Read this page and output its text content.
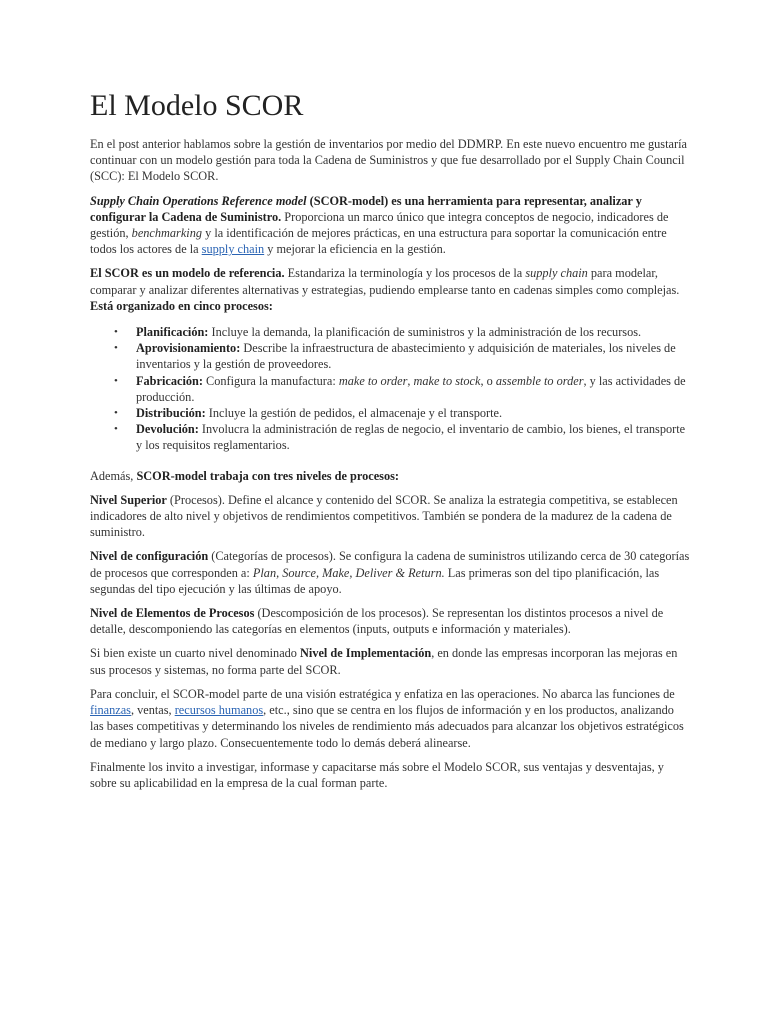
El Modelo SCOR

En el post anterior hablamos sobre la gestión de inventarios por medio del DDMRP. En este nuevo encuentro me gustaría continuar con un modelo gestión para toda la Cadena de Suministros y que fue desarrollado por el Supply Chain Council (SCC): El Modelo SCOR.

Supply Chain Operations Reference model (SCOR-model) es una herramienta para representar, analizar y configurar la Cadena de Suministro. Proporciona un marco único que integra conceptos de negocio, indicadores de gestión, benchmarking y la identificación de mejores prácticas, en una estructura para soportar la comunicación entre todos los actores de la supply chain y mejorar la eficiencia en la gestión.

El SCOR es un modelo de referencia. Estandariza la terminología y los procesos de la supply chain para modelar, comparar y analizar diferentes alternativas y estrategias, pudiendo emplearse tanto en cadenas simples como complejas. Está organizado en cinco procesos:

• Planificación: Incluye la demanda, la planificación de suministros y la administración de los recursos.
• Aprovisionamiento: Describe la infraestructura de abastecimiento y adquisición de materiales, los niveles de inventarios y la gestión de proveedores.
• Fabricación: Configura la manufactura: make to order, make to stock, o assemble to order, y las actividades de producción.
• Distribución: Incluye la gestión de pedidos, el almacenaje y el transporte.
• Devolución: Involucra la administración de reglas de negocio, el inventario de cambio, los bienes, el transporte y los requisitos reglamentarios.

Además, SCOR-model trabaja con tres niveles de procesos:

Nivel Superior (Procesos). Define el alcance y contenido del SCOR. Se analiza la estrategia competitiva, se establecen indicadores de alto nivel y objetivos de rendimientos competitivos. También se pondera de la madurez de la cadena de suministro.

Nivel de configuración (Categorías de procesos). Se configura la cadena de suministros utilizando cerca de 30 categorías de procesos que corresponden a: Plan, Source, Make, Deliver & Return. Las primeras son del tipo planificación, las segundas del tipo ejecución y las últimas de apoyo.

Nivel de Elementos de Procesos (Descomposición de los procesos). Se representan los distintos procesos a nivel de detalle, descomponiendo las categorías en elementos (inputs, outputs e información y materiales).

Si bien existe un cuarto nivel denominado Nivel de Implementación, en donde las empresas incorporan las mejoras en sus procesos y sistemas, no forma parte del SCOR.

Para concluir, el SCOR-model parte de una visión estratégica y enfatiza en las operaciones. No abarca las funciones de finanzas, ventas, recursos humanos, etc., sino que se centra en los flujos de información y en los productos, analizando las bases competitivas y determinando los niveles de rendimiento más adecuados para alcanzar los objetivos estratégicos de mediano y largo plazo. Consecuentemente todo lo demás deberá alinearse.

Finalmente los invito a investigar, informase y capacitarse más sobre el Modelo SCOR, sus ventajas y desventajas, y sobre su aplicabilidad en la empresa de la cual forman parte.
